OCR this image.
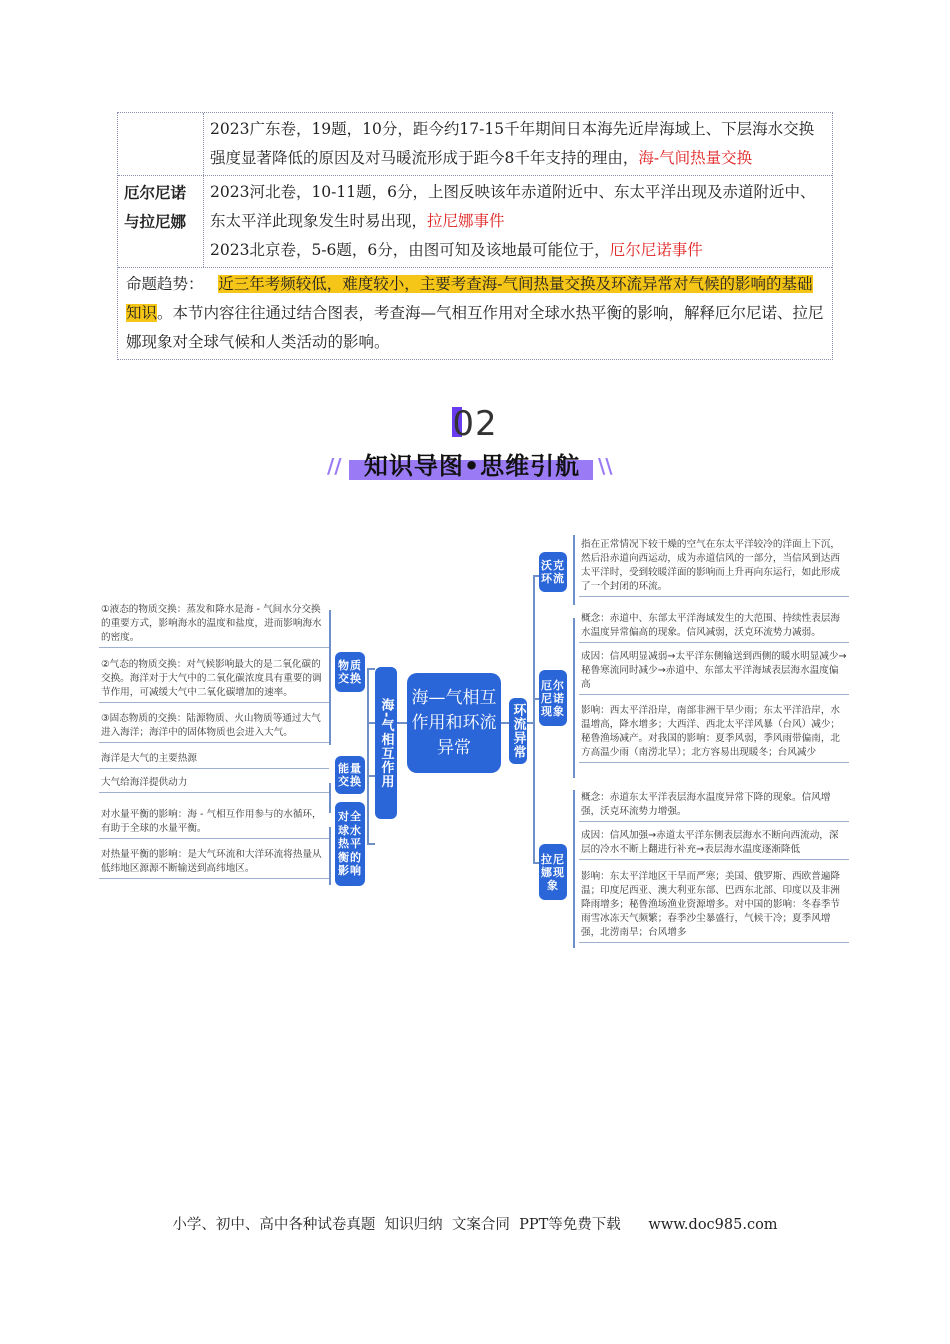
2023广东卷，19题，10分，距今约17-15千年期间日本海先近岸海域上、下层海水交换强度显著降低的原因及对马暖流形成于距今8千年支持的理由，海-气间热量交换
厄尔尼诺与拉尼娜
2023河北卷，10-11题，6分，上图反映该年赤道附近中、东太平洋出现及赤道附近中、东太平洋此现象发生时易出现，拉尼娜事件
2023北京卷，5-6题，6分，由图可知及该地最可能位于，厄尔尼诺事件
命题趋势： 近三年考频较低，难度较小，主要考查海-气间热量交换及环流异常对气候的影响的基础知识。本节内容往往通过结合图表，考查海—气相互作用对全球水热平衡的影响，解释厄尔尼诺、拉尼娜现象对全球气候和人类活动的影响。
02
// 知识导图•思维引航 \\
海—气相互作用和环流异常
海-气相互作用	环流异常
物质交换
能量交换
对全球水热平衡的影响
①液态的物质交换：蒸发和降水是海 - 气间水分交换的重要方式，影响海水的温度和盐度，进而影响海水的密度。
②气态的物质交换：对气候影响最大的是二氧化碳的交换。海洋对于大气中的二氧化碳浓度具有重要的调节作用，可减缓大气中二氧化碳增加的速率。
③固态物质的交换：陆源物质、火山物质等通过大气进入海洋；海洋中的固体物质也会进入大气。
海洋是大气的主要热源
大气给海洋提供动力
对水量平衡的影响：海 - 气相互作用参与的水循环，有助于全球的水量平衡。
对热量平衡的影响：是大气环流和大洋环流将热量从低纬地区源源不断输送到高纬地区。
沃克环流
厄尔尼诺现象
拉尼娜现象
指在正常情况下较干燥的空气在东太平洋较冷的洋面上下沉，然后沿赤道向西运动，成为赤道信风的一部分，当信风到达西太平洋时，受到较暖洋面的影响而上升再向东运行，如此形成了一个封闭的环流。
概念：赤道中、东部太平洋海域发生的大范围、持续性表层海水温度异常偏高的现象。信风减弱，沃克环流势力减弱。
成因：信风明显减弱→太平洋东侧输送到西侧的暖水明显减少→秘鲁寒流同时减少→赤道中、东部太平洋海域表层海水温度偏高
影响：西太平洋沿岸，南部非洲干旱少雨；东太平洋沿岸，水温增高，降水增多；大西洋、西北太平洋风暴（台风）减少；秘鲁渔场减产。对我国的影响：夏季风弱，季风雨带偏南，北方高温少雨（南涝北旱）；北方容易出现暖冬；台风减少
概念：赤道东太平洋表层海水温度异常下降的现象。信风增强，沃克环流势力增强。
成因：信风加强→赤道太平洋东侧表层海水不断向西流动，深层的冷水不断上翻进行补充→表层海水温度逐渐降低
影响：东太平洋地区干旱而严寒；美国、俄罗斯、西欧普遍降温；印度尼西亚、澳大利亚东部、巴西东北部、印度以及非洲降雨增多；秘鲁渔场渔业资源增多。对中国的影响：冬春季节雨雪冰冻天气频繁；春季沙尘暴盛行，气候干冷；夏季风增强，北涝南旱；台风增多
小学、初中、高中各种试卷真题  知识归纳  文案合同  PPT等免费下载      www.doc985.com
